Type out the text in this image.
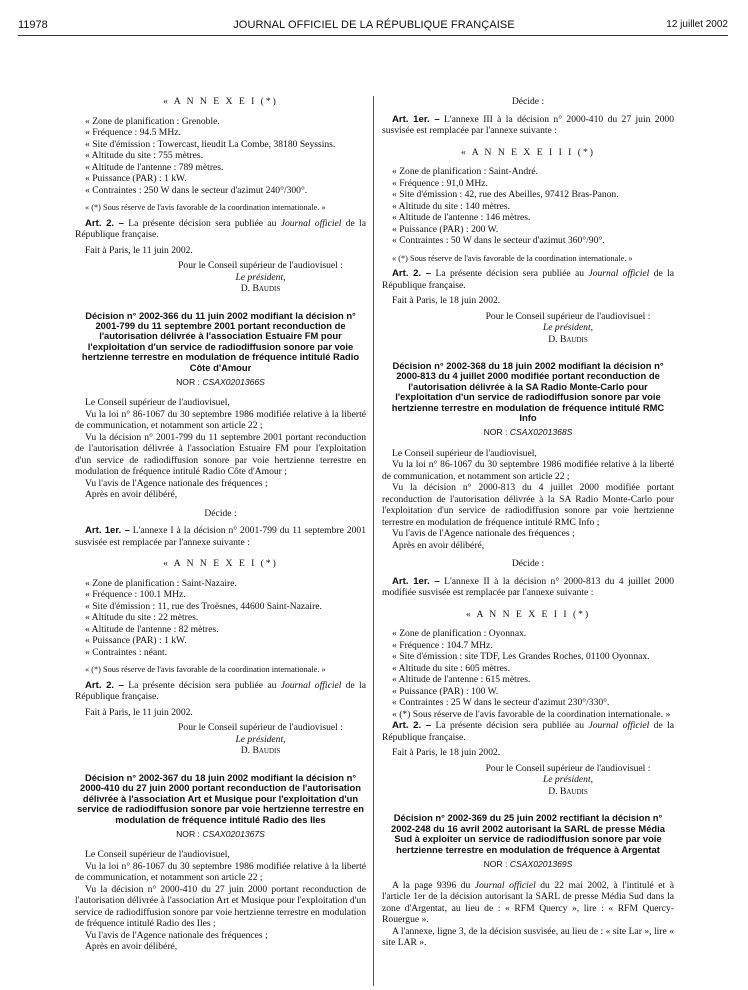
11978	JOURNAL OFFICIEL DE LA RÉPUBLIQUE FRANÇAISE	12 juillet 2002

« A N N E X E I (*)

« Zone de planification : Grenoble.

« Fréquence : 94.5 MHz.

« Site d'émission : Towercast, lieudit La Combe, 38180 Seyssins.

« Altitude du site : 755 mètres.

« Altitude de l'antenne : 789 mètres.

« Puissance (PAR) : 1 kW.

« Contraintes : 250 W dans le secteur d'azimut 240°/300°.

« (*) Sous réserve de l'avis favorable de la coordination internationale. »

Art. 2. – La présente décision sera publiée au Journal officiel de la République française.

Fait à Paris, le 11 juin 2002.

Pour le Conseil supérieur de l'audiovisuel :

Le président,

D. Baudis

Décision n° 2002-366 du 11 juin 2002 modifiant la décision n° 2001-799 du 11 septembre 2001 portant reconduction de l'autorisation délivrée à l'association Estuaire FM pour l'exploitation d'un service de radiodiffusion sonore par voie hertzienne terrestre en modulation de fréquence intitulé Radio Côte d'Amour

NOR : CSAX0201366S

Le Conseil supérieur de l'audiovisuel,

Vu la loi n° 86-1067 du 30 septembre 1986 modifiée relative à la liberté de communication, et notamment son article 22 ;

Vu la décision n° 2001-799 du 11 septembre 2001 portant reconduction de l'autorisation délivrée à l'association Estuaire FM pour l'exploitation d'un service de radiodiffusion sonore par voie hertzienne terrestre en modulation de fréquence intitulé Radio Côte d'Amour ;

Vu l'avis de l'Agence nationale des fréquences ;

Après en avoir délibéré,

Décide :

Art. 1er. – L'annexe I à la décision n° 2001-799 du 11 septembre 2001 susvisée est remplacée par l'annexe suivante :

« A N N E X E I (*)

« Zone de planification : Saint-Nazaire.

« Fréquence : 100.1 MHz.

« Site d'émission : 11, rue des Troësnes, 44600 Saint-Nazaire.

« Altitude du site : 22 mètres.

« Altitude de l'antenne : 82 mètres.

« Puissance (PAR) : 1 kW.

« Contraintes : néant.

« (*) Sous réserve de l'avis favorable de la coordination internationale. »

Art. 2. – La présente décision sera publiée au Journal officiel de la République française.

Fait à Paris, le 11 juin 2002.

Pour le Conseil supérieur de l'audiovisuel :

Le président,

D. Baudis

Décision n° 2002-367 du 18 juin 2002 modifiant la décision n° 2000-410 du 27 juin 2000 portant reconduction de l'autorisation délivrée à l'association Art et Musique pour l'exploitation d'un service de radiodiffusion sonore par voie hertzienne terrestre en modulation de fréquence intitulé Radio des Iles

NOR : CSAX0201367S

Le Conseil supérieur de l'audiovisuel,

Vu la loi n° 86-1067 du 30 septembre 1986 modifiée relative à la liberté de communication, et notamment son article 22 ;

Vu la décision n° 2000-410 du 27 juin 2000 portant reconduction de l'autorisation délivrée à l'association Art et Musique pour l'exploitation d'un service de radiodiffusion sonore par voie hertzienne terrestre en modulation de fréquence intitulé Radio des Iles ;

Vu l'avis de l'Agence nationale des fréquences ;

Après en avoir délibéré,

Décide :

Art. 1er. – L'annexe III à la décision n° 2000-410 du 27 juin 2000 susvisée est remplacée par l'annexe suivante :

« A N N E X E I I I (*)

« Zone de planification : Saint-André.

« Fréquence : 91,0 MHz.

« Site d'émission : 42, rue des Abeilles, 97412 Bras-Panon.

« Altitude du site : 140 mètres.

« Altitude de l'antenne : 146 mètres.

« Puissance (PAR) : 200 W.

« Contraintes : 50 W dans le secteur d'azimut 360°/90°.

« (*) Sous réserve de l'avis favorable de la coordination internationale. »

Art. 2. – La présente décision sera publiée au Journal officiel de la République française.

Fait à Paris, le 18 juin 2002.

Pour le Conseil supérieur de l'audiovisuel :

Le président,

D. Baudis

Décision n° 2002-368 du 18 juin 2002 modifiant la décision n° 2000-813 du 4 juillet 2000 modifiée portant reconduction de l'autorisation délivrée à la SA Radio Monte-Carlo pour l'exploitation d'un service de radiodiffusion sonore par voie hertzienne terrestre en modulation de fréquence intitulé RMC Info

NOR : CSAX0201368S

Le Conseil supérieur de l'audiovisuel,

Vu la loi n° 86-1067 du 30 septembre 1986 modifiée relative à la liberté de communication, et notamment son article 22 ;

Vu la décision n° 2000-813 du 4 juillet 2000 modifiée portant reconduction de l'autorisation délivrée à la SA Radio Monte-Carlo pour l'exploitation d'un service de radiodiffusion sonore par voie hertzienne terrestre en modulation de fréquence intitulé RMC Info ;

Vu l'avis de l'Agence nationale des fréquences ;

Après en avoir délibéré,

Décide :

Art. 1er. – L'annexe II à la décision n° 2000-813 du 4 juillet 2000 modifiée susvisée est remplacée par l'annexe suivante :

« A N N E X E I I (*)

« Zone de planification : Oyonnax.

« Fréquence : 104.7 MHz.

« Site d'émission : site TDF, Les Grandes Roches, 01100 Oyonnax.

« Altitude du site : 605 mètres.

« Altitude de l'antenne : 615 mètres.

« Puissance (PAR) : 100 W.

« Contraintes : 25 W dans le secteur d'azimut 230°/330°.

« (*) Sous réserve de l'avis favorable de la coordination internationale. »

Art. 2. – La présente décision sera publiée au Journal officiel de la République française.

Fait à Paris, le 18 juin 2002.

Pour le Conseil supérieur de l'audiovisuel :

Le président,

D. Baudis

Décision n° 2002-369 du 25 juin 2002 rectifiant la décision n° 2002-248 du 16 avril 2002 autorisant la SARL de presse Média Sud à exploiter un service de radiodiffusion sonore par voie hertzienne terrestre en modulation de fréquence à Argentat

NOR : CSAX0201369S

A la page 9396 du Journal officiel du 22 mai 2002, à l'intitulé et à l'article 1er de la décision autorisant la SARL de presse Média Sud dans la zone d'Argentat, au lieu de : « RFM Quercy », lire : « RFM Quercy-Rouergue ».

A l'annexe, ligne 3, de la décision susvisée, au lieu de : « site Lar », lire « site LAR ».
